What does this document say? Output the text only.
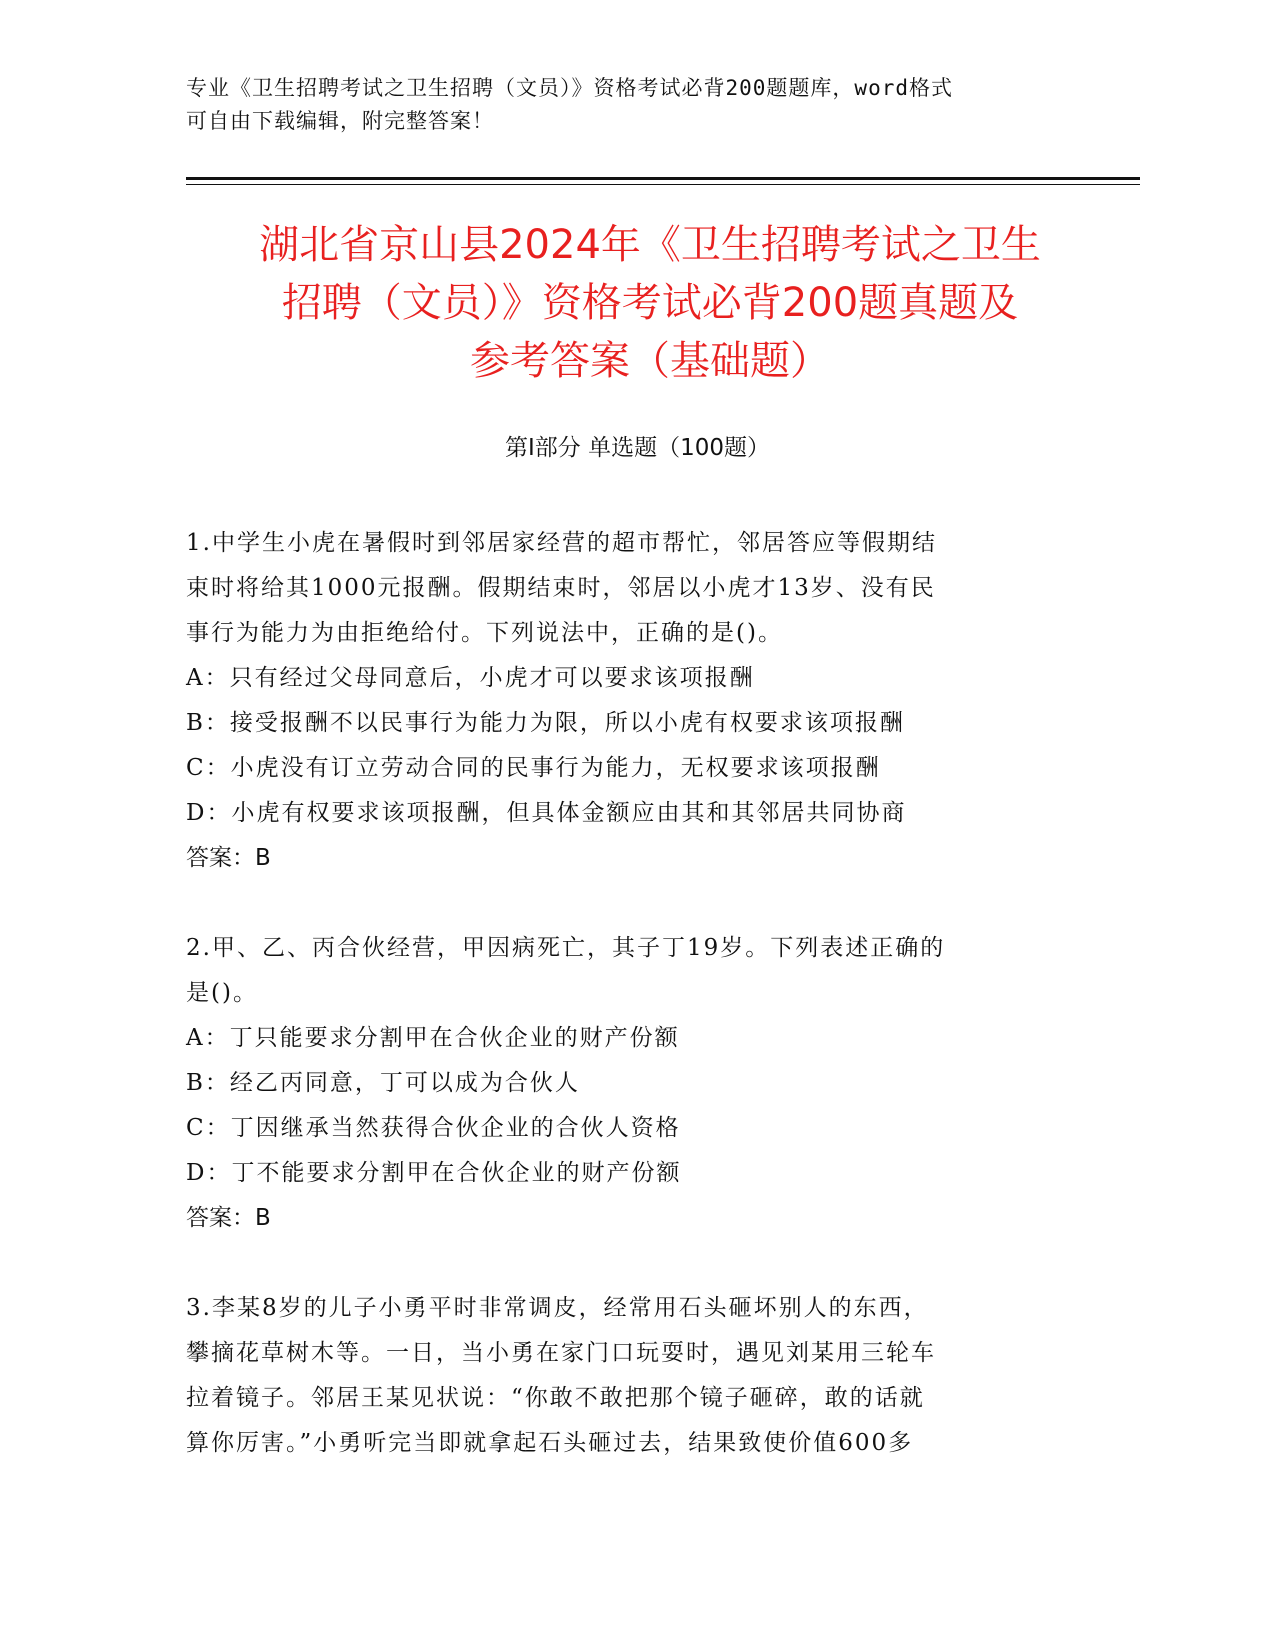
专业《卫生招聘考试之卫生招聘（文员）》资格考试必背200题题库，word格式
可自由下载编辑，附完整答案！
湖北省京山县2024年《卫生招聘考试之卫生
招聘（文员）》资格考试必背200题真题及
参考答案（基础题）
第Ⅰ部分 单选题（100题）
1.中学生小虎在暑假时到邻居家经营的超市帮忙，邻居答应等假期结
束时将给其1000元报酬。假期结束时，邻居以小虎才13岁、没有民
事行为能力为由拒绝给付。下列说法中，正确的是()。
A：只有经过父母同意后，小虎才可以要求该项报酬
B：接受报酬不以民事行为能力为限，所以小虎有权要求该项报酬
C：小虎没有订立劳动合同的民事行为能力，无权要求该项报酬
D：小虎有权要求该项报酬，但具体金额应由其和其邻居共同协商
答案：B
2.甲、乙、丙合伙经营，甲因病死亡，其子丁19岁。下列表述正确的
是()。
A：丁只能要求分割甲在合伙企业的财产份额
B：经乙丙同意，丁可以成为合伙人
C：丁因继承当然获得合伙企业的合伙人资格
D：丁不能要求分割甲在合伙企业的财产份额
答案：B
3.李某8岁的儿子小勇平时非常调皮，经常用石头砸坏别人的东西，
攀摘花草树木等。一日，当小勇在家门口玩耍时，遇见刘某用三轮车
拉着镜子。邻居王某见状说：“你敢不敢把那个镜子砸碎，敢的话就
算你厉害。”小勇听完当即就拿起石头砸过去，结果致使价值600多
